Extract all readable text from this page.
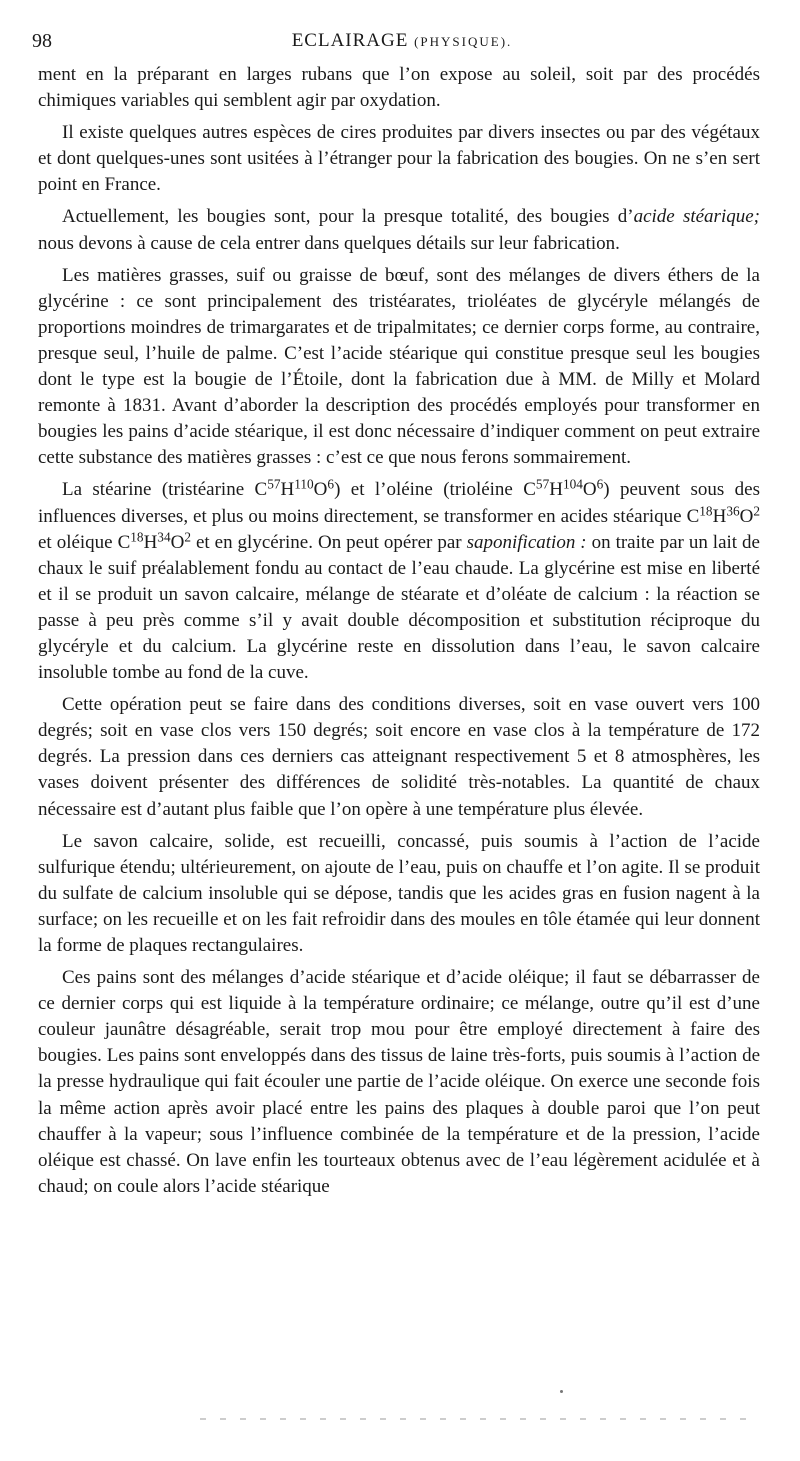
98	ECLAIRAGE (PHYSIQUE).

ment en la préparant en larges rubans que l’on expose au soleil, soit par des procédés chimiques variables qui semblent agir par oxydation.

Il existe quelques autres espèces de cires produites par divers insectes ou par des végétaux et dont quelques-unes sont usitées à l’étranger pour la fabrication des bougies. On ne s’en sert point en France.

Actuellement, les bougies sont, pour la presque totalité, des bougies d’acide stéarique; nous devons à cause de cela entrer dans quelques détails sur leur fabrication.

Les matières grasses, suif ou graisse de bœuf, sont des mélanges de divers éthers de la glycérine : ce sont principalement des tristéarates, trioléates de glycéryle mélangés de proportions moindres de trimargarates et de tripalmitates; ce dernier corps forme, au contraire, presque seul, l’huile de palme. C’est l’acide stéarique qui constitue presque seul les bougies dont le type est la bougie de l’Étoile, dont la fabrication due à MM. de Milly et Molard remonte à 1831. Avant d’aborder la description des procédés employés pour transformer en bougies les pains d’acide stéarique, il est donc nécessaire d’indiquer comment on peut extraire cette substance des matières grasses : c’est ce que nous ferons sommairement.

La stéarine (tristéarine $C^{57}H^{110}O^6$) et l’oléine (trioléine $C^{57}H^{104}O^6$) peuvent sous des influences diverses, et plus ou moins directement, se transformer en acides stéarique $C^{18}H^{36}O^2$ et oléique $C^{18}H^{34}O^2$ et en glycérine. On peut opérer par saponification : on traite par un lait de chaux le suif préalablement fondu au contact de l’eau chaude. La glycérine est mise en liberté et il se produit un savon calcaire, mélange de stéarate et d’oléate de calcium : la réaction se passe à peu près comme s’il y avait double décomposition et substitution réciproque du glycéryle et du calcium. La glycérine reste en dissolution dans l’eau, le savon calcaire insoluble tombe au fond de la cuve.

Cette opération peut se faire dans des conditions diverses, soit en vase ouvert vers 100 degrés; soit en vase clos vers 150 degrés; soit encore en vase clos à la température de 172 degrés. La pression dans ces derniers cas atteignant respectivement 5 et 8 atmosphères, les vases doivent présenter des différences de solidité très-notables. La quantité de chaux nécessaire est d’autant plus faible que l’on opère à une température plus élevée.

Le savon calcaire, solide, est recueilli, concassé, puis soumis à l’action de l’acide sulfurique étendu; ultérieurement, on ajoute de l’eau, puis on chauffe et l’on agite. Il se produit du sulfate de calcium insoluble qui se dépose, tandis que les acides gras en fusion nagent à la surface; on les recueille et on les fait refroidir dans des moules en tôle étamée qui leur donnent la forme de plaques rectangulaires.

Ces pains sont des mélanges d’acide stéarique et d’acide oléique; il faut se débarrasser de ce dernier corps qui est liquide à la température ordinaire; ce mélange, outre qu’il est d’une couleur jaunâtre désagréable, serait trop mou pour être employé directement à faire des bougies. Les pains sont enveloppés dans des tissus de laine très-forts, puis soumis à l’action de la presse hydraulique qui fait écouler une partie de l’acide oléique. On exerce une seconde fois la même action après avoir placé entre les pains des plaques à double paroi que l’on peut chauffer à la vapeur; sous l’influence combinée de la température et de la pression, l’acide oléique est chassé. On lave enfin les tourteaux obtenus avec de l’eau légèrement acidulée et à chaud; on coule alors l’acide stéarique
